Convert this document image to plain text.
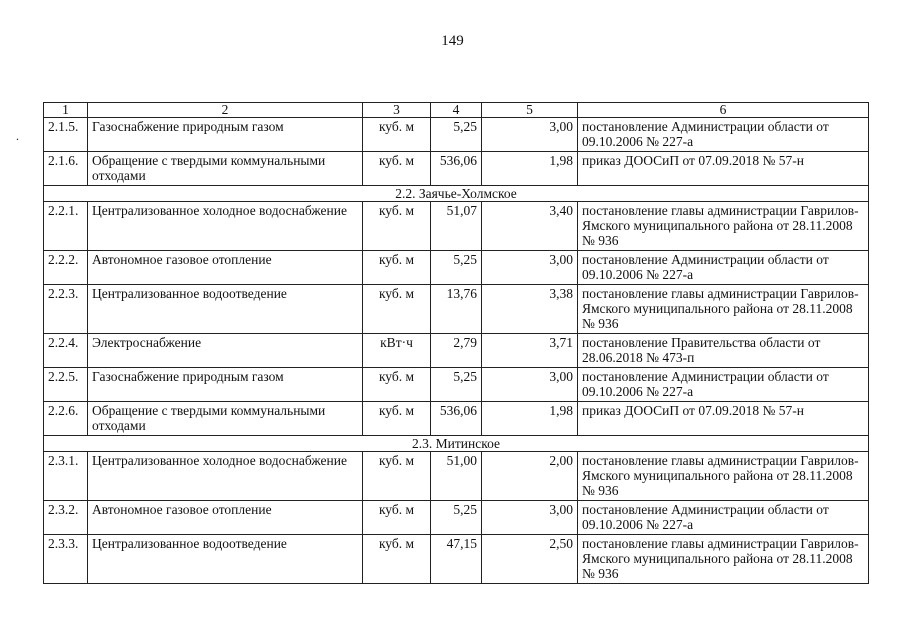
149
.
1	2	3	4	5	6
2.1.5.	Газоснабжение природным газом	куб. м	5,25	3,00	постановление Администрации области от 09.10.2006 № 227-а
2.1.6.	Обращение с твердыми коммунальными отходами	куб. м	536,06	1,98	приказ ДООСиП от 07.09.2018 № 57-н
2.2. Заячье-Холмское					
2.2.1.	Централизованное холодное водоснабжение	куб. м	51,07	3,40	постановление главы администрации Гаврилов-Ямского муниципального района от 28.11.2008 № 936
2.2.2.	Автономное газовое отопление	куб. м	5,25	3,00	постановление Администрации области от 09.10.2006 № 227-а
2.2.3.	Централизованное водоотведение	куб. м	13,76	3,38	постановление главы администрации Гаврилов-Ямского муниципального района от 28.11.2008 № 936
2.2.4.	Электроснабжение	кВт·ч	2,79	3,71	постановление Правительства области от 28.06.2018 № 473-п
2.2.5.	Газоснабжение природным газом	куб. м	5,25	3,00	постановление Администрации области от 09.10.2006 № 227-а
2.2.6.	Обращение с твердыми коммунальными отходами	куб. м	536,06	1,98	приказ ДООСиП от 07.09.2018 № 57-н
2.3. Митинское					
2.3.1.	Централизованное холодное водоснабжение	куб. м	51,00	2,00	постановление главы администрации Гаврилов-Ямского муниципального района от 28.11.2008 № 936
2.3.2.	Автономное газовое отопление	куб. м	5,25	3,00	постановление Администрации области от 09.10.2006 № 227-а
2.3.3.	Централизованное водоотведение	куб. м	47,15	2,50	постановление главы администрации Гаврилов-Ямского муниципального района от 28.11.2008 № 936
